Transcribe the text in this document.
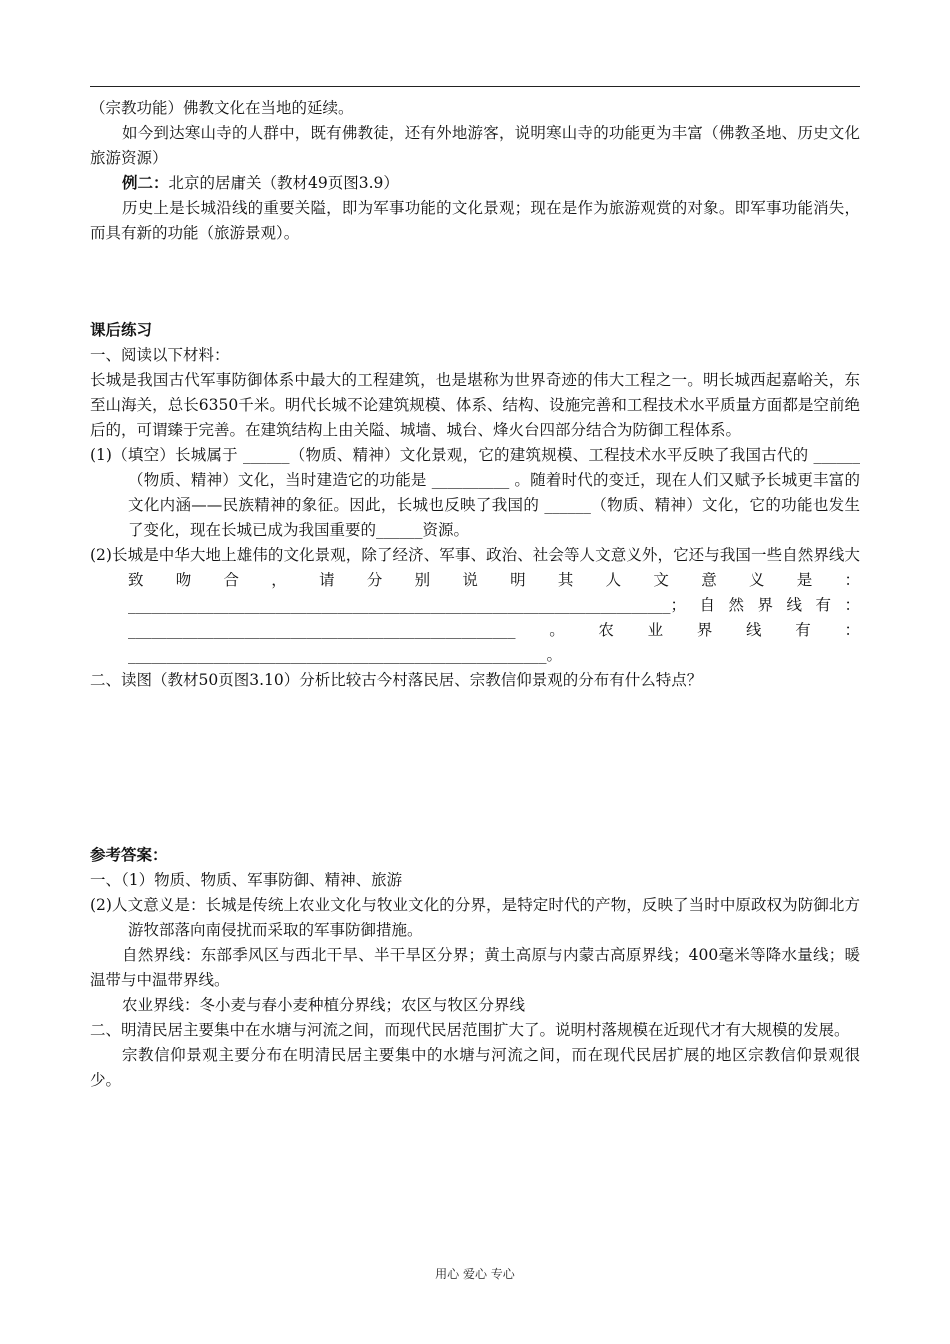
（宗教功能）佛教文化在当地的延续。

如今到达寒山寺的人群中，既有佛教徒，还有外地游客，说明寒山寺的功能更为丰富（佛教圣地、历史文化旅游资源）

例二：北京的居庸关（教材49页图3.9）

历史上是长城沿线的重要关隘，即为军事功能的文化景观；现在是作为旅游观赏的对象。即军事功能消失，而具有新的功能（旅游景观）。

课后练习

一、阅读以下材料：

长城是我国古代军事防御体系中最大的工程建筑，也是堪称为世界奇迹的伟大工程之一。明长城西起嘉峪关，东至山海关，总长6350千米。明代长城不论建筑规模、体系、结构、设施完善和工程技术水平质量方面都是空前绝后的，可谓臻于完善。在建筑结构上由关隘、城墙、城台、烽火台四部分结合为防御工程体系。

(1)（填空）长城属于 ______（物质、精神）文化景观，它的建筑规模、工程技术水平反映了我国古代的 ______（物质、精神）文化，当时建造它的功能是 __________ 。随着时代的变迁，现在人们又赋予长城更丰富的文化内涵——民族精神的象征。因此，长城也反映了我国的 ______（物质、精神）文化，它的功能也发生了变化，现在长城已成为我国重要的______资源。

(2)长城是中华大地上雄伟的文化景观，除了经济、军事、政治、社会等人文意义外，它还与我国一些自然界线大致吻合，请分别说明其人文意义是：______________________________________________________________________；自然界线有：__________________________________________________。农业界线有：______________________________________________________。

二、读图（教材50页图3.10）分析比较古今村落民居、宗教信仰景观的分布有什么特点？

参考答案：

一、（1）物质、物质、军事防御、精神、旅游

(2)人文意义是：长城是传统上农业文化与牧业文化的分界，是特定时代的产物，反映了当时中原政权为防御北方游牧部落向南侵扰而采取的军事防御措施。

自然界线：东部季风区与西北干旱、半干旱区分界；黄土高原与内蒙古高原界线；400毫米等降水量线；暖温带与中温带界线。

农业界线：冬小麦与春小麦种植分界线；农区与牧区分界线

二、明清民居主要集中在水塘与河流之间，而现代民居范围扩大了。说明村落规模在近现代才有大规模的发展。

宗教信仰景观主要分布在明清民居主要集中的水塘与河流之间，而在现代民居扩展的地区宗教信仰景观很少。

用心 爱心 专心
